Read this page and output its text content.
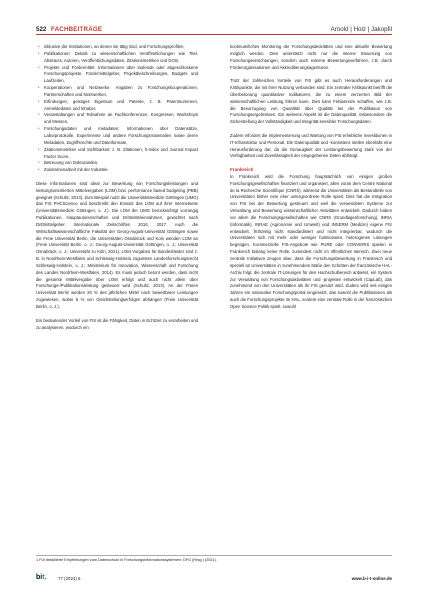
522 FACHBEITRÄGE	Arnold | Holz | Jakopfil
* inklusive der Institutionen, an denen sie tätig sind, und Forschungsprofilen,
* Publikationen: Details zu wissenschaftlichen Veröffentlichungen wie Titel, Abstracts, Autoren, Veröffentlichungsdaten, Zitationsmetriken und DOIs,
* Projekte und Fördermittel: Informationen über laufende oder abgeschlossene Forschungsprojekte, Fördermittelgeber, Projektbeschreibungen, Budgets und Laufzeiten,
* Kooperationen und Netzwerke: Angaben zu Forschungskooperationen, Partnerschaften und Netzwerken,
* Erfindungen, geistiges Eigentum und Patente, z. B. Patentnummern, Anmeldedaten und Inhaber,
* Veranstaltungen und Teilnahme an Fachkonferenzen, Kongressen, Workshops und Messen,
* Forschungsdaten und metadaten: Informationen über Datensätze, Laborprotokolle, Experimente und andere Forschungsmaterialien sowie deren Metadaten, Zugriffsrechte und Dateiformate,
* Zitationsmetriken und Sichtbarkeit: z. B. Zitationen, h-Index und Journal Impact Factor Score,
* Betreuung von Doktoranden,
* Zusammenarbeit mit der Industrie.

Diese Informationen sind ideal zur Bewertung von Forschungsleistungen und leistungsorientierten Mittelvergaben (LOM) bzw. performance based budgeting (PBB) geeignet (Schultz, 2013). Zum Beispiel nutzt die Universitätsmedizin Göttingen (UMG) das FIS PHCScience und beschreibt den Einsatz des LOM auf ihrer Internetseite (Universitätsmedizin Göttingen, o. J.). Die LOM der UMG berücksichtigt vorrangig Publikationen, Hauptautorenschaften und Drittmitteleinnahmen, gewichtet nach Drittmittelgeber. Internationale Zeitschriften 2016, 2017. Auch die Wirtschaftswissenschaftliche Fakultät der Georg-August-Universität Göttingen sowie die Freie Universität Berlin, die Universitäten Osnabrück und Koln wenden LOM an (Freie Universität Berlin, o. J.; Georg-August-Universität Göttingen, o. J.; Universität Osnabrück, o. J.; Universität zu Köln, 2021). LOM Vorgaben für Bundesländer sind z. B. in Nordrhein-Westfalen und Schleswig-Holstein zugunsten Landesforschungsrecht Schleswig-Holstein, o. J.; Ministerium für Innovation, Wissenschaft und Forschung des Landes Nordrhein-Westfalen, 2014). Es muss jedoch betont werden, dass nicht die gesamte Mittelvergabe über LOM erfolgt und auch nicht allein über Forschungs-/Publikationsleistung gesteuert wird (Schultz, 2013). An der Freien Universität Berlin werden 20 % des jährlichen Mittel nach bewertbarer Leistungen zugewiesen, wobei 5 % von Gleichstellungserfolgen abhängen (Freie Universität Berlin, o. J.).

Ein bedeutender Vorteil von FIS ist die Fähigkeit, Daten in Echtzeit zu verarbeiten und zu analysieren, wodurch ein

kontinuierliches Monitoring der Forschungsaktivitäten und eine aktuelle Bewertung möglich werden. Dies unterstützt nicht nur die interne Steuerung von Forschungseinrichtungen, sondern auch externe Bewertungsverfahren, z.B. durch Förderorganisationen und Akkreditierungsagenturen.

Trotz der zahlreichen Vorteile von FIS gibt es auch Herausforderungen und Kritikpunkte, die mit ihrer Nutzung verbunden sind. Ein zentraler Kritikpunkt betrifft die Überbetonung quantitativer Indikatoren, die zu einem verzerrten Bild der wissenschaftlichen Leistung führen kann. Dies kann Fehlanreize schaffen, wie z.B. die Bevorzugung von Quantität über Qualität bei der Publikation von Forschungsergebnissen. Ein weiteres Aspekt ist die Datenqualität, insbesondere die Sicherstellung der Vollständigkeit und Integrität sensibler Forschungsdaten.

Zudem erfordert die Implementierung und Wartung von FIS erhebliche Investitionen in IT-Infrastruktur und Personal. Die Datenqualität und -konsistenz stellen ebenfalls eine Herausforderung dar, da die Genauigkeit der Leistungsbewertung stark von der Verfügbarkeit und Zuverlässigkeit der eingegebenen Daten abhängt.

Frankreich

In Frankreich wird die Forschung hauptsächlich von einigen großen Forschungsgesellschaften finanziert und organisiert, allen voran dem Centre National de la Recherche Scientifique (CNRS), während die Universitäten als Bestandteile von Universitäten bisher eine eher untergeordnete Rolle spielt. Dies hat die Integration von FIS bei der Bewertung gesteuert und weil die verwendeten Systeme zur Verwaltung und Bewertung wissenschaftlicher Aktivitäten entwickelt. Dadurch haben vor allem die Forschungsgesellschaften wie CNRS (Grundlagenforschung), INRIA (Informatik), INRAE (Agronomie und Umwelt) und INSERM (Medizin) eigene FIS entwickelt, frühzeitig nicht standardisiert und nicht integrierbar, wodurch die Universitäten sich mit mehr oder weniger funktionalen, heterogenen Lösungen begnügen. Kommerzielle FIS-Angebote wie PURE oder CONVERIS spielen in Frankreich bislang keine Rolle, zumindest nicht im öffentlichen Bereich. Zwei neue zentrale Initiativen zeugen aber, dass die Forschungsbewertung in Frankreich und speziell an Universitäten in zunehmendem Maße den Schritten der französische HAL-Archiv folgt, die zentrale IT-Lösungen für den Hochschulbereich anbietet, ein System zur Verwaltung von Forschungsaktivitäten und -projekten entwickelt (CapLab), das zunehmend von den Universitäten als ihr FIS genutzt wird. Zudem wird seit einigen Jahren ein nationales Forschungsportal eingesetzt, das sowohl die Publikationen als auch die Forschungsprojekte im HAL, vordem eine zentrale Rolle in der französischen Open Science Politik spielt, sowohl

1 Für detaillierte Empfehlungen zum Datenschutz in Forschungsinformationssystemen: DFG (Hrsg.) (2021).
bit.	77 (2024) 6	www.b-i-t-online.de
